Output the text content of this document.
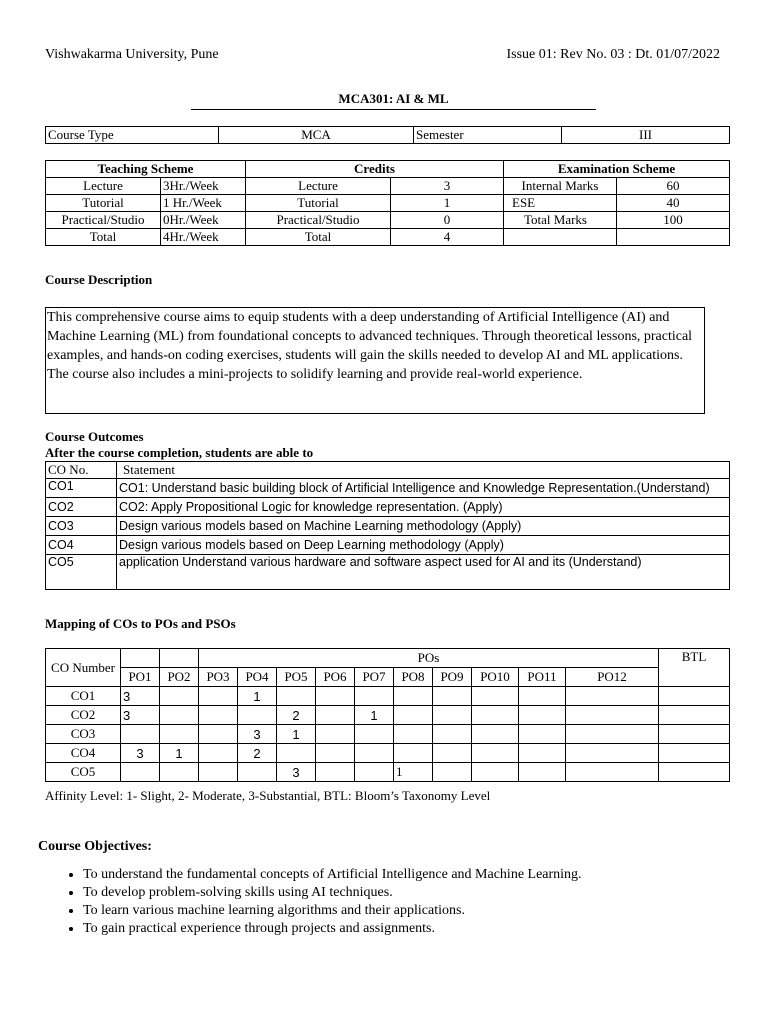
Vishwakarma University, Pune	Issue 01: Rev No. 03 : Dt. 01/07/2022
MCA301: AI & ML
Course Type	MCA	Semester	III
Teaching Scheme		Credits		Examination Scheme	
Lecture	3Hr./Week	Lecture	3	Internal Marks	60
Tutorial	1 Hr./Week	Tutorial	1	ESE	40
Practical/Studio	0Hr./Week	Practical/Studio	0	Total Marks	100
Total	4Hr./Week	Total	4		
Course Description
This comprehensive course aims to equip students with a deep understanding of Artificial Intelligence (AI) and Machine Learning (ML) from foundational concepts to advanced techniques. Through theoretical lessons, practical examples, and hands-on coding exercises, students will gain the skills needed to develop AI and ML applications. The course also includes a mini-projects to solidify learning and provide real-world experience.
Course Outcomes
After the course completion, students are able to
CO No.	Statement
CO1	CO1: Understand basic building block of Artificial Intelligence and Knowledge Representation.(Understand)
CO2	CO2: Apply Propositional Logic for knowledge representation. (Apply)
CO3	Design various models based on Machine Learning methodology (Apply)
CO4	Design various models based on Deep Learning methodology (Apply)
CO5	application Understand various hardware and software aspect used for AI and its (Understand)
Mapping of COs to POs and PSOs
CO Number			POs										BTL
	PO1	PO2	PO3	PO4	PO5	PO6	PO7	PO8	PO9	PO10	PO11	PO12	
CO1	3			1									
CO2	3				2		1						
CO3				3	1								
CO4	3	1		2									
CO5					3			1					
Affinity Level: 1- Slight, 2- Moderate, 3-Substantial, BTL: Bloom’s Taxonomy Level
Course Objectives:
• To understand the fundamental concepts of Artificial Intelligence and Machine Learning.
• To develop problem-solving skills using AI techniques.
• To learn various machine learning algorithms and their applications.
• To gain practical experience through projects and assignments.
